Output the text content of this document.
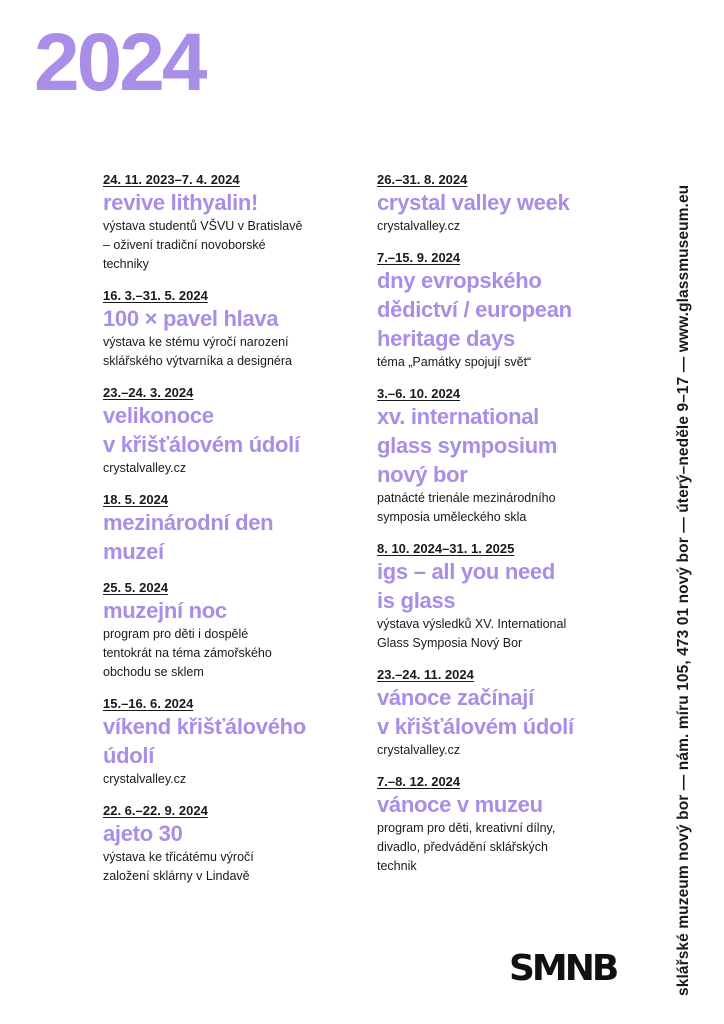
2024
24. 11. 2023–7. 4. 2024
revive lithyalin!
výstava studentů VŠVU v Bratislavě
– oživení tradiční novoborské
techniky
16. 3.–31. 5. 2024
100 × pavel hlava
výstava ke stému výročí narození
sklářského výtvarníka a designéra
23.–24. 3. 2024
velikonoce
v křišťálovém údolí
crystalvalley.cz
18. 5. 2024
mezinárodní den
muzeí
25. 5. 2024
muzejní noc
program pro děti i dospělé
tentokrát na téma zámořského
obchodu se sklem
15.–16. 6. 2024
víkend křišťálového
údolí
crystalvalley.cz
22. 6.–22. 9. 2024
ajeto 30
výstava ke třicátému výročí
založení sklárny v Lindavě
26.–31. 8. 2024
crystal valley week
crystalvalley.cz
7.–15. 9. 2024
dny evropského
dědictví / european
heritage days
téma „Památky spojují svět“
3.–6. 10. 2024
xv. international
glass symposium
nový bor
patnácté trienále mezinárodního
symposia uměleckého skla
8. 10. 2024–31. 1. 2025
igs – all you need
is glass
výstava výsledků XV. International
Glass Symposia Nový Bor
23.–24. 11. 2024
vánoce začínají
v křišťálovém údolí
crystalvalley.cz
7.–8. 12. 2024
vánoce v muzeu
program pro děti, kreativní dílny,
divadlo, předvádění sklářských
technik	sklářské muzeum nový bor — nám. míru 105, 473 01 nový bor — úterý–neděle 9–17 — www.glassmuseum.eu
SMNB
